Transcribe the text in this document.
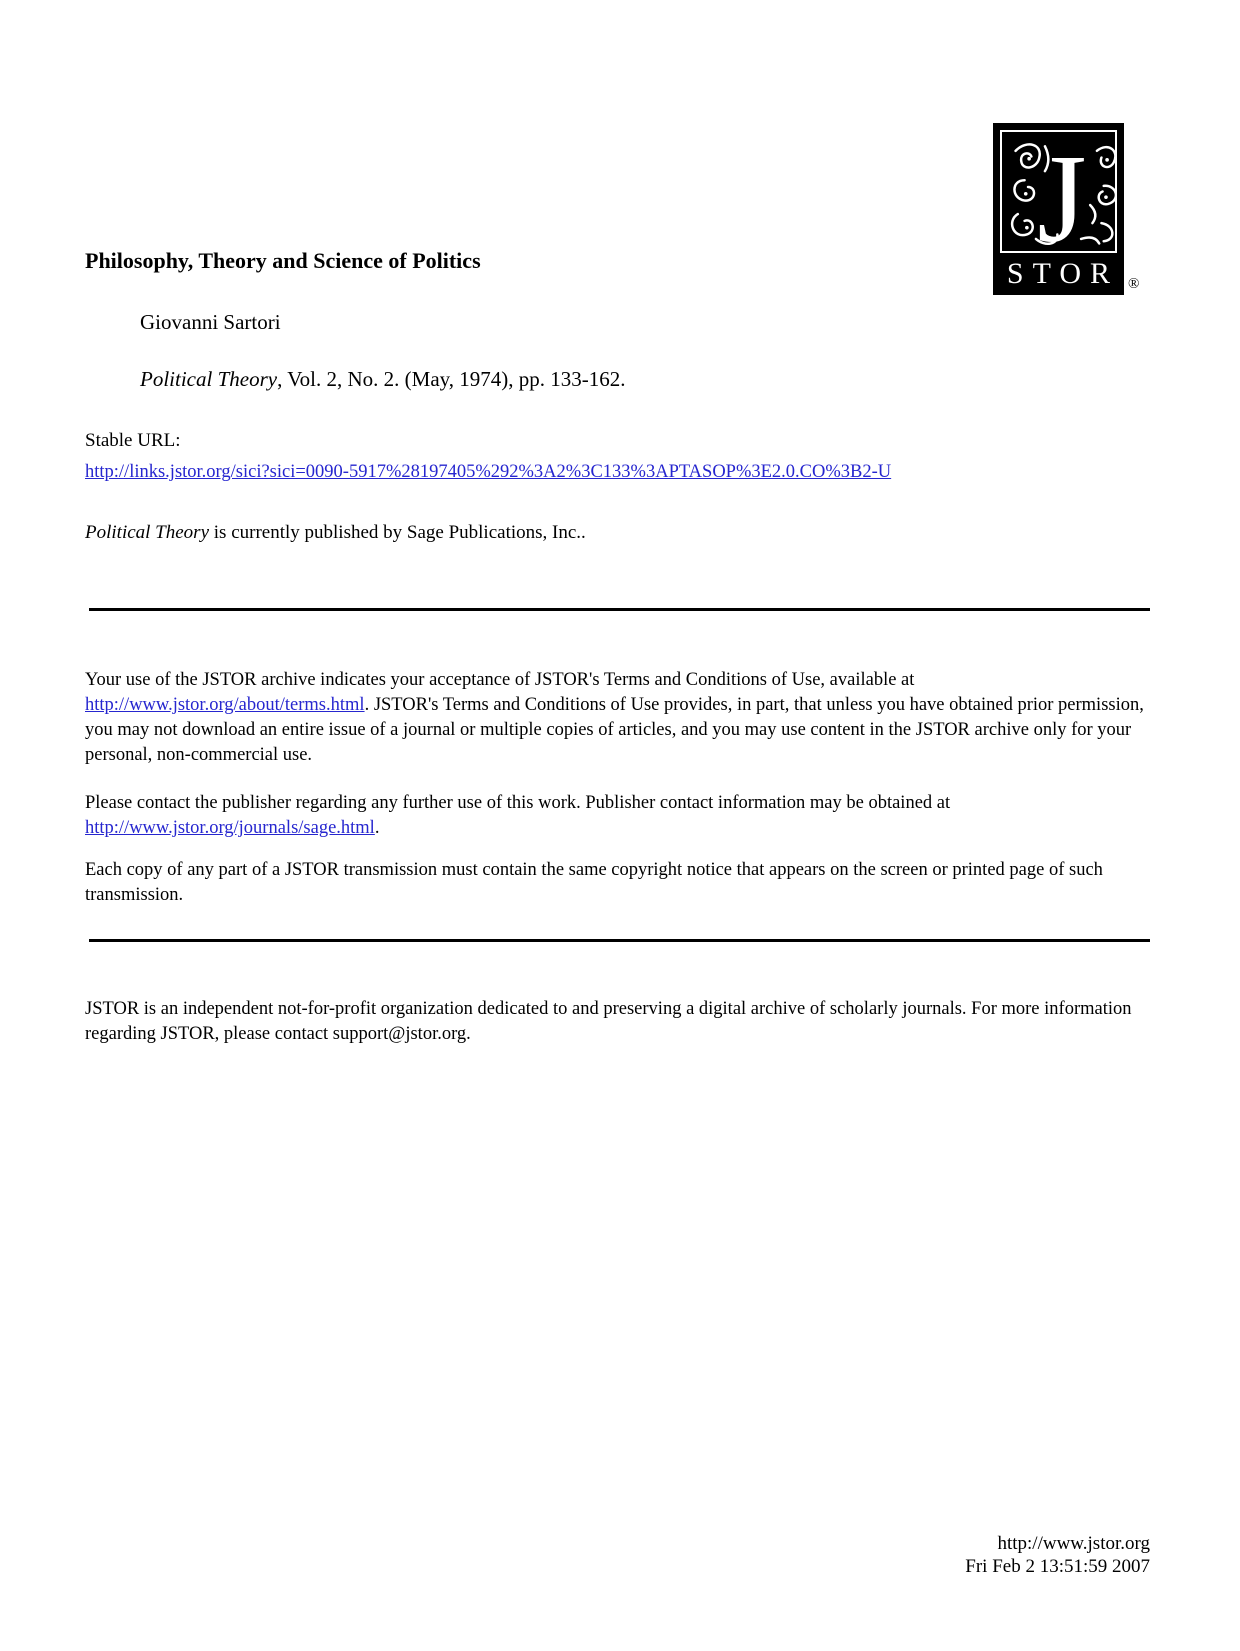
J
STOR ®
Philosophy, Theory and Science of Politics
Giovanni Sartori
Political Theory, Vol. 2, No. 2. (May, 1974), pp. 133-162.
Stable URL:
http://links.jstor.org/sici?sici=0090-5917%28197405%292%3A2%3C133%3APTASOP%3E2.0.CO%3B2-U
Political Theory is currently published by Sage Publications, Inc..
Your use of the JSTOR archive indicates your acceptance of JSTOR's Terms and Conditions of Use, available at http://www.jstor.org/about/terms.html. JSTOR's Terms and Conditions of Use provides, in part, that unless you have obtained prior permission, you may not download an entire issue of a journal or multiple copies of articles, and you may use content in the JSTOR archive only for your personal, non-commercial use.
Please contact the publisher regarding any further use of this work. Publisher contact information may be obtained at http://www.jstor.org/journals/sage.html.
Each copy of any part of a JSTOR transmission must contain the same copyright notice that appears on the screen or printed page of such transmission.
JSTOR is an independent not-for-profit organization dedicated to and preserving a digital archive of scholarly journals. For more information regarding JSTOR, please contact support@jstor.org.
http://www.jstor.org
Fri Feb 2 13:51:59 2007
